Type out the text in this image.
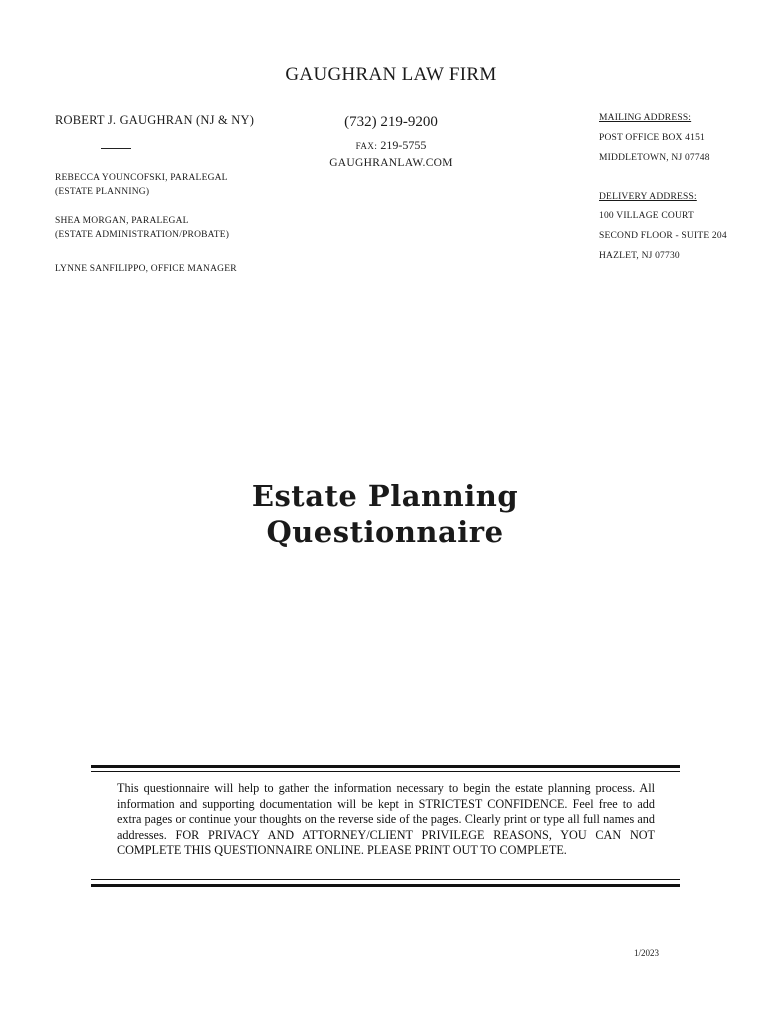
GAUGHRAN LAW FIRM
ROBERT J. GAUGHRAN (NJ & NY)
REBECCA YOUNCOFSKI, PARALEGAL
(ESTATE PLANNING)
SHEA MORGAN, PARALEGAL
(ESTATE ADMINISTRATION/PROBATE)
LYNNE SANFILIPPO, OFFICE MANAGER
(732) 219-9200
FAX: 219-5755
GAUGHRANLAW.COM
MAILING ADDRESS:
POST OFFICE BOX 4151
MIDDLETOWN, NJ 07748
DELIVERY ADDRESS:
100 VILLAGE COURT
SECOND FLOOR - SUITE 204
HAZLET, NJ 07730
Estate Planning
Questionnaire
This questionnaire will help to gather the information necessary to begin the estate planning process. All information and supporting documentation will be kept in STRICTEST CONFIDENCE. Feel free to add extra pages or continue your thoughts on the reverse side of the pages. Clearly print or type all full names and addresses. FOR PRIVACY AND ATTORNEY/CLIENT PRIVILEGE REASONS, YOU CAN NOT COMPLETE THIS QUESTIONNAIRE ONLINE. PLEASE PRINT OUT TO COMPLETE.
1/2023
